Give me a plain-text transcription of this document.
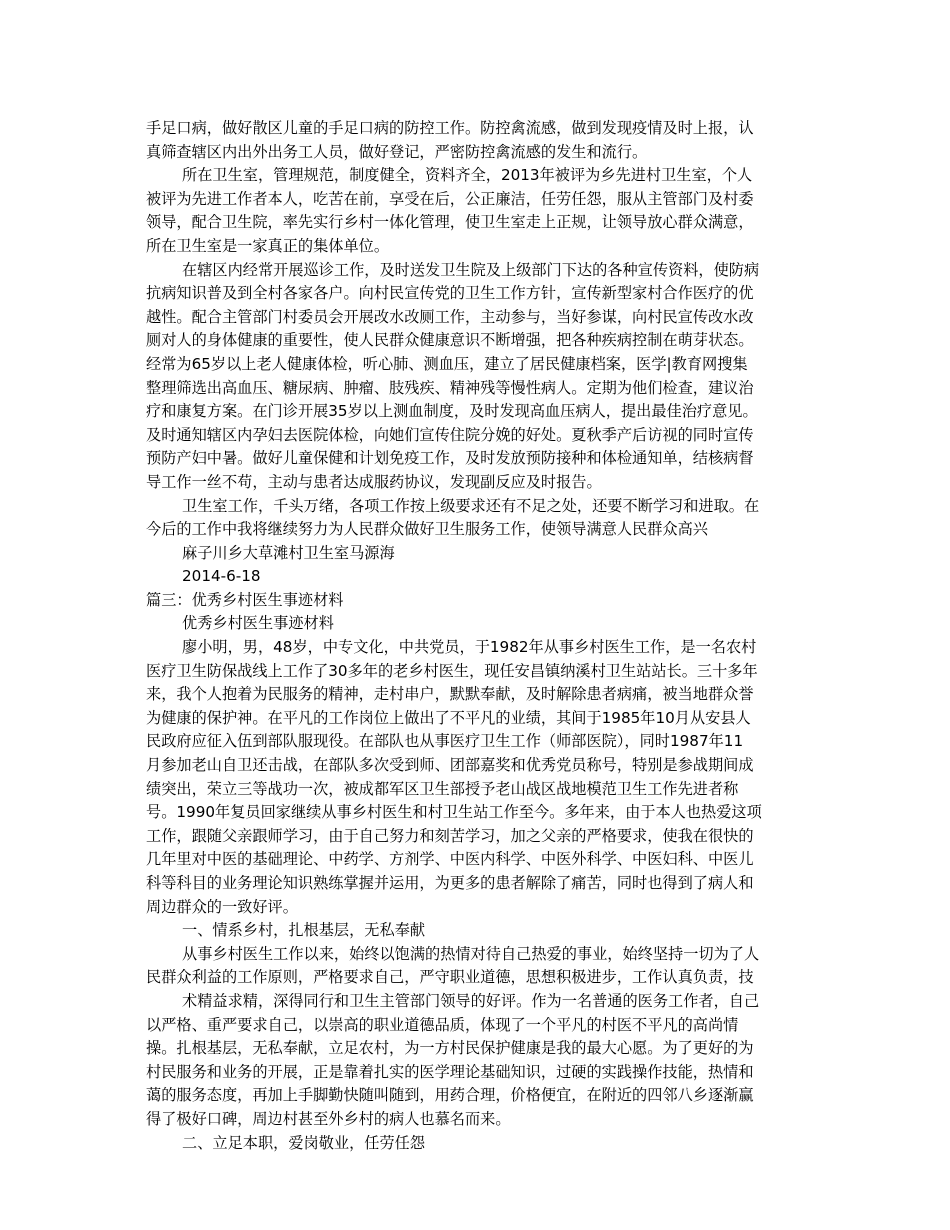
手足口病，做好散区儿童的手足口病的防控工作。防控禽流感，做到发现疫情及时上报，认
真筛查辖区内出外出务工人员，做好登记，严密防控禽流感的发生和流行。
所在卫生室，管理规范，制度健全，资料齐全，2013年被评为乡先进村卫生室，个人
被评为先进工作者本人，吃苦在前，享受在后，公正廉洁，任劳任怨，服从主管部门及村委
领导，配合卫生院，率先实行乡村一体化管理，使卫生室走上正规，让领导放心群众满意，
所在卫生室是一家真正的集体单位。
在辖区内经常开展巡诊工作，及时送发卫生院及上级部门下达的各种宣传资料，使防病
抗病知识普及到全村各家各户。向村民宣传党的卫生工作方针，宣传新型家村合作医疗的优
越性。配合主管部门村委员会开展改水改厕工作，主动参与，当好参谋，向村民宣传改水改
厕对人的身体健康的重要性，使人民群众健康意识不断增强，把各种疾病控制在萌芽状态。
经常为65岁以上老人健康体检，听心肺、测血压，建立了居民健康档案，医学|教育网搜集
整理筛选出高血压、糖尿病、肿瘤、肢残疾、精神残等慢性病人。定期为他们检查，建议治
疗和康复方案。在门诊开展35岁以上测血制度，及时发现高血压病人，提出最佳治疗意见。
及时通知辖区内孕妇去医院体检，向她们宣传住院分娩的好处。夏秋季产后访视的同时宣传
预防产妇中暑。做好儿童保健和计划免疫工作，及时发放预防接种和体检通知单，结核病督
导工作一丝不苟，主动与患者达成服药协议，发现副反应及时报告。
卫生室工作，千头万绪，各项工作按上级要求还有不足之处，还要不断学习和进取。在
今后的工作中我将继续努力为人民群众做好卫生服务工作，使领导满意人民群众高兴
麻子川乡大草滩村卫生室马源海
2014-6-18
篇三：优秀乡村医生事迹材料
优秀乡村医生事迹材料
廖小明，男，48岁，中专文化，中共党员，于1982年从事乡村医生工作，是一名农村
医疗卫生防保战线上工作了30多年的老乡村医生，现任安昌镇纳溪村卫生站站长。三十多年
来，我个人抱着为民服务的精神，走村串户，默默奉献，及时解除患者病痛，被当地群众誉
为健康的保护神。在平凡的工作岗位上做出了不平凡的业绩，其间于1985年10月从安县人
民政府应征入伍到部队服现役。在部队也从事医疗卫生工作（师部医院），同时1987年11
月参加老山自卫还击战，在部队多次受到师、团部嘉奖和优秀党员称号，特别是参战期间成
绩突出，荣立三等战功一次，被成都军区卫生部授予老山战区战地模范卫生工作先进者称
号。1990年复员回家继续从事乡村医生和村卫生站工作至今。多年来，由于本人也热爱这项
工作，跟随父亲跟师学习，由于自己努力和刻苦学习，加之父亲的严格要求，使我在很快的
几年里对中医的基础理论、中药学、方剂学、中医内科学、中医外科学、中医妇科、中医儿
科等科目的业务理论知识熟练掌握并运用，为更多的患者解除了痛苦，同时也得到了病人和
周边群众的一致好评。
一、情系乡村，扎根基层，无私奉献
从事乡村医生工作以来，始终以饱满的热情对待自己热爱的事业，始终坚持一切为了人
民群众利益的工作原则，严格要求自己，严守职业道德，思想积极进步，工作认真负责，技
术精益求精，深得同行和卫生主管部门领导的好评。作为一名普通的医务工作者，自己
以严格、重严要求自己，以崇高的职业道德品质，体现了一个平凡的村医不平凡的高尚情
操。扎根基层，无私奉献，立足农村，为一方村民保护健康是我的最大心愿。为了更好的为
村民服务和业务的开展，正是靠着扎实的医学理论基础知识，过硬的实践操作技能，热情和
蔼的服务态度，再加上手脚勤快随叫随到，用药合理，价格便宜，在附近的四邻八乡逐渐赢
得了极好口碑，周边村甚至外乡村的病人也慕名而来。
二、立足本职，爱岗敬业，任劳任怨
